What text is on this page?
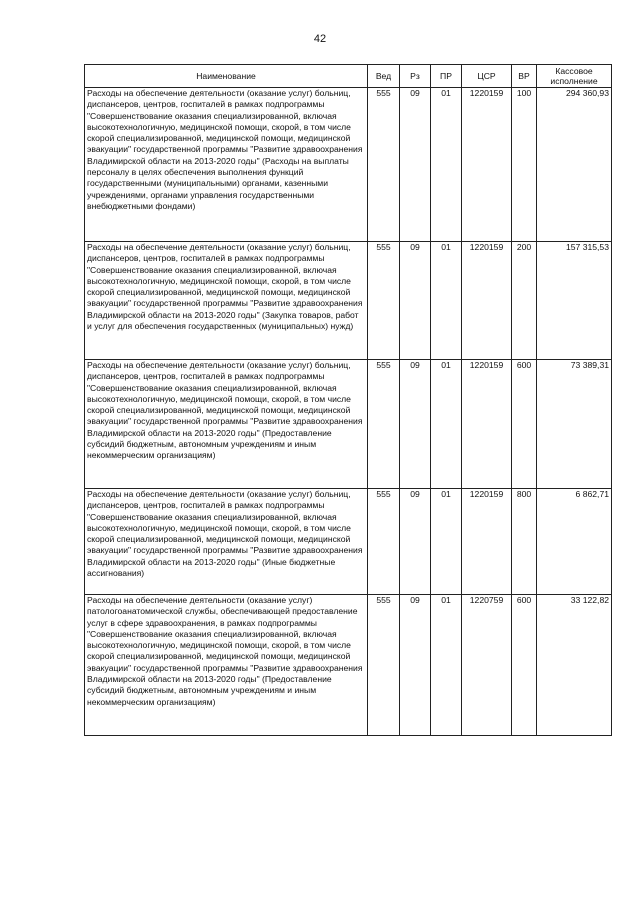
42
Наименование	Вед	Рз	ПР	ЦСР	ВР	Кассовое исполнение
Расходы на обеспечение деятельности (оказание услуг) больниц, диспансеров, центров, госпиталей в рамках подпрограммы "Совершенствование оказания специализированной, включая высокотехнологичную, медицинской помощи, скорой, в том числе скорой специализированной, медицинской помощи, медицинской эвакуации" государственной программы "Развитие здравоохранения Владимирской области на 2013-2020 годы" (Расходы на выплаты персоналу в целях обеспечения выполнения функций государственными (муниципальными) органами, казенными учреждениями, органами управления государственными внебюджетными фондами)	555	09	01	1220159	100	294 360,93
Расходы на обеспечение деятельности (оказание услуг) больниц, диспансеров, центров, госпиталей в рамках подпрограммы "Совершенствование оказания специализированной, включая высокотехнологичную, медицинской помощи, скорой, в том числе скорой специализированной, медицинской помощи, медицинской эвакуации" государственной программы "Развитие здравоохранения Владимирской области на 2013-2020 годы" (Закупка товаров, работ и услуг для обеспечения государственных (муниципальных) нужд)	555	09	01	1220159	200	157 315,53
Расходы на обеспечение деятельности (оказание услуг) больниц, диспансеров, центров, госпиталей в рамках подпрограммы "Совершенствование оказания специализированной, включая высокотехнологичную, медицинской помощи, скорой, в том числе скорой специализированной, медицинской помощи, медицинской эвакуации" государственной программы "Развитие здравоохранения Владимирской области на 2013-2020 годы" (Предоставление субсидий бюджетным, автономным учреждениям и иным некоммерческим организациям)	555	09	01	1220159	600	73 389,31
Расходы на обеспечение деятельности (оказание услуг) больниц, диспансеров, центров, госпиталей в рамках подпрограммы "Совершенствование оказания специализированной, включая высокотехнологичную, медицинской помощи, скорой, в том числе скорой специализированной, медицинской помощи, медицинской эвакуации" государственной программы "Развитие здравоохранения Владимирской области на 2013-2020 годы" (Иные бюджетные ассигнования)	555	09	01	1220159	800	6 862,71
Расходы на обеспечение деятельности (оказание услуг) патологоанатомической службы, обеспечивающей предоставление услуг в сфере здравоохранения, в рамках подпрограммы "Совершенствование оказания специализированной, включая высокотехнологичную, медицинской помощи, скорой, в том числе скорой специализированной, медицинской помощи, медицинской эвакуации" государственной программы "Развитие здравоохранения Владимирской области на 2013-2020 годы" (Предоставление субсидий бюджетным, автономным учреждениям и иным некоммерческим организациям)	555	09	01	1220759	600	33 122,82
